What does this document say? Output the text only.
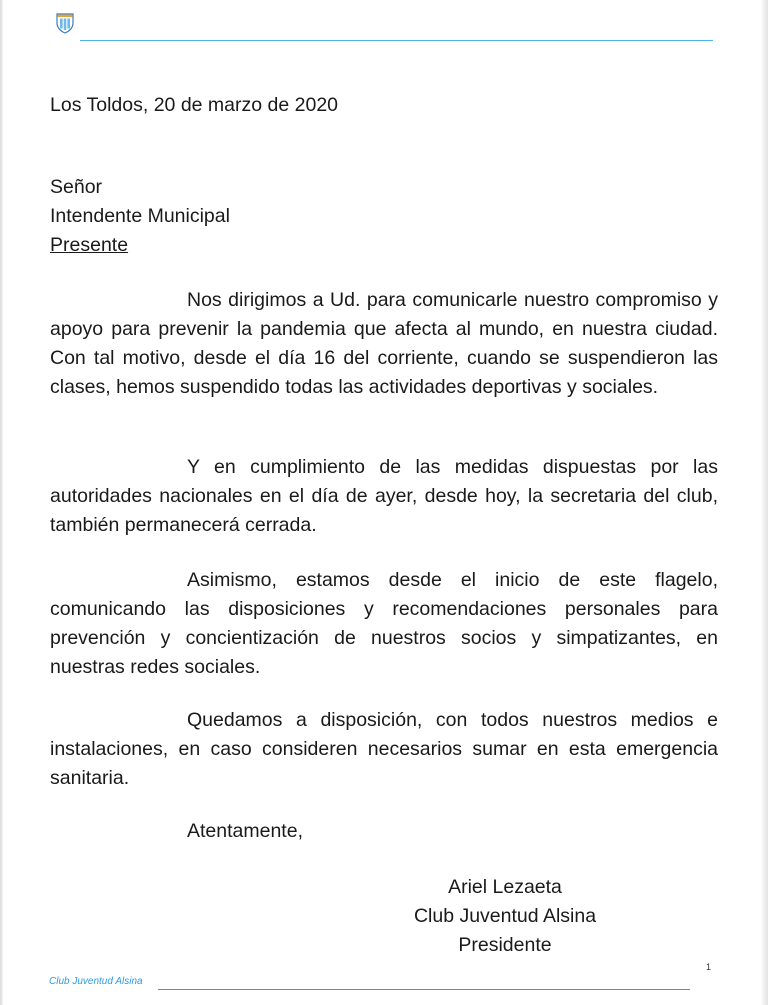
Los Toldos, 20 de marzo de 2020
Señor
Intendente Municipal
Presente

Nos dirigimos a Ud. para comunicarle nuestro compromiso y apoyo para prevenir la pandemia que afecta al mundo, en nuestra ciudad. Con tal motivo, desde el día 16 del corriente, cuando se suspendieron las clases, hemos suspendido todas las actividades deportivas y sociales.

Y en cumplimiento de las medidas dispuestas por las autoridades nacionales en el día de ayer, desde hoy, la secretaria del club, también permanecerá cerrada.

Asimismo, estamos desde el inicio de este flagelo, comunicando las disposiciones y recomendaciones personales para prevención y concientización de nuestros socios y simpatizantes, en nuestras redes sociales.

Quedamos a disposición, con todos nuestros medios e instalaciones, en caso consideren necesarios sumar en esta emergencia sanitaria.

Atentamente,
Ariel Lezaeta
Club Juventud Alsina
Presidente
1
Club Juventud Alsina
